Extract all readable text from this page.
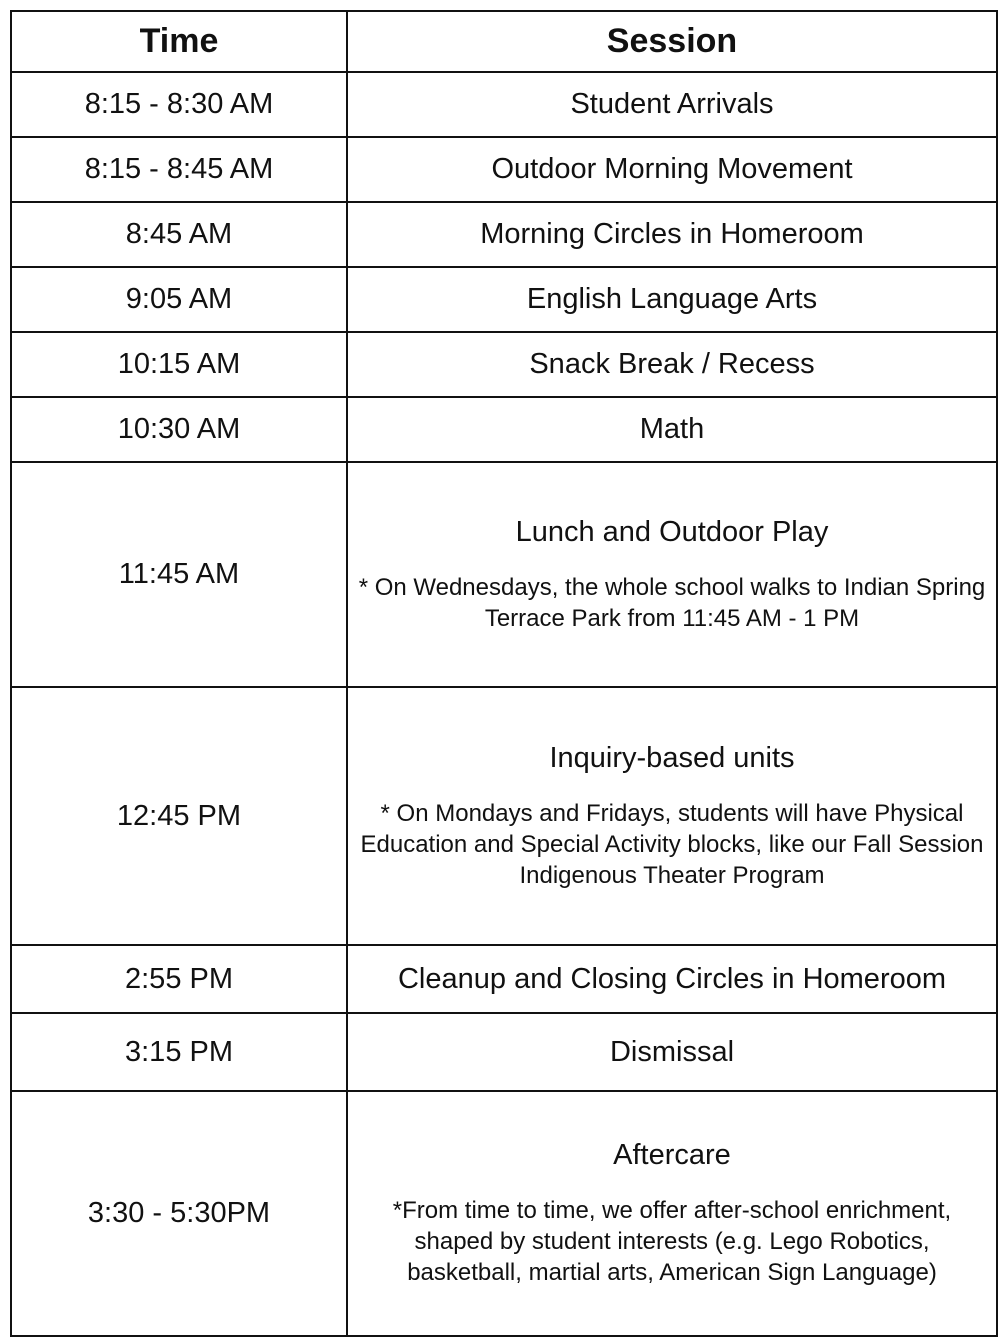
Time	Session
8:15 - 8:30 AM	Student Arrivals

8:15 - 8:45 AM	Outdoor Morning Movement

8:45 AM	Morning Circles in Homeroom

9:05 AM	English Language Arts

10:15 AM	Snack Break / Recess

10:30 AM	Math

11:45 AM	Lunch and Outdoor Play
* On Wednesdays, the whole school walks to Indian Spring Terrace Park from 11:45 AM - 1 PM

12:45 PM	Inquiry-based units
* On Mondays and Fridays, students will have Physical Education and Special Activity blocks, like our Fall Session Indigenous Theater Program

2:55 PM	Cleanup and Closing Circles in Homeroom

3:15 PM	Dismissal

3:30 - 5:30PM	Aftercare
*From time to time, we offer after-school enrichment, shaped by student interests (e.g. Lego Robotics, basketball, martial arts, American Sign Language)
